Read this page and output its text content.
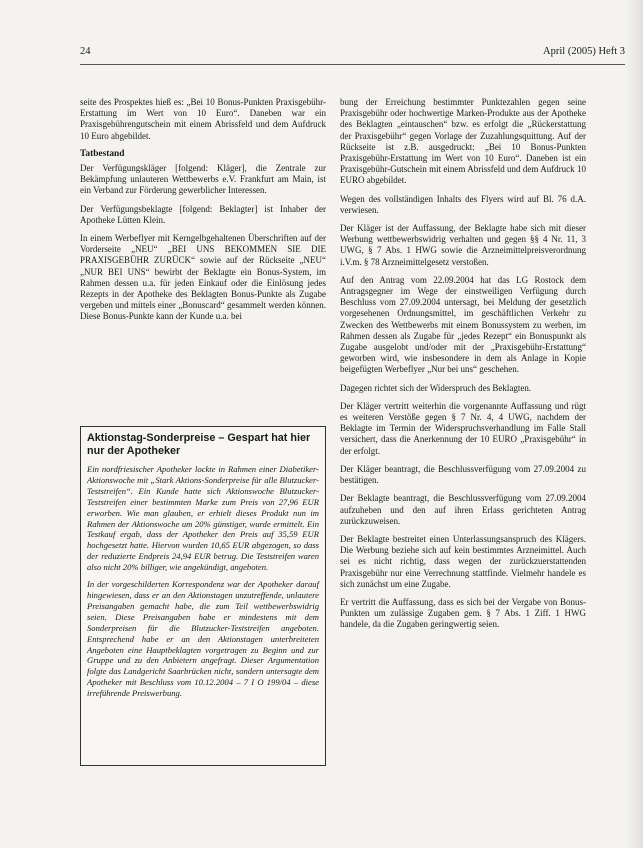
24	April (2005) Heft 3

seite des Prospektes hieß es: „Bei 10 Bonus-Punkten Praxisgebühr-Erstattung im Wert von 10 Euro“. Daneben war ein Praxisgebührengutschein mit einem Abrissfeld und dem Aufdruck 10 Euro abgebildet.

Tatbestand

Der Verfügungskläger [folgend: Kläger], die Zentrale zur Bekämpfung unlauteren Wettbewerbs e.V. Frankfurt am Main, ist ein Verband zur Förderung gewerblicher Interessen.

Der Verfügungsbeklagte [folgend: Beklagter] ist Inhaber der Apotheke Lütten Klein.

In einem Werbeflyer mit Kerngelbgehaltenen Überschriften auf der Vorderseite „NEU“ „BEI UNS BEKOMMEN SIE DIE PRAXISGEBÜHR ZURÜCK“ sowie auf der Rückseite „NEU“ „NUR BEI UNS“ bewirbt der Beklagte ein Bonus-System, im Rahmen dessen u.a. für jeden Einkauf oder die Einlösung jedes Rezepts in der Apotheke des Beklagten Bonus-Punkte als Zugabe vergeben und mittels einer „Bonuscard“ gesammelt werden können. Diese Bonus-Punkte kann der Kunde u.a. bei

Aktionstag-Sonderpreise – Gespart hat hier nur der Apotheker

Ein nordfriesischer Apotheker lockte in Rahmen einer Diabetiker-Aktionswoche mit „Stark Aktions-Sonderpreise für alle Blutzucker-Teststreifen“. Ein Kunde hatte sich Aktionswoche Blutzucker-Teststreifen einer bestimmten Marke zum Preis von 27,96 EUR erworben. Wie man glauben, er erhielt dieses Produkt nun im Rahmen der Aktionswoche um 20% günstiger, wurde ermittelt. Ein Testkauf ergab, dass der Apotheker den Preis auf 35,59 EUR hochgesetzt hatte. Hiervon wurden 10,65 EUR abgezogen, so dass der reduzierte Endpreis 24,94 EUR betrug. Die Teststreifen waren also nicht 20% billiger, wie angekündigt, angeboten.

In der vorgeschilderten Korrespondenz war der Apotheker darauf hingewiesen, dass er an den Aktionstagen unzutreffende, unlautere Preisangaben gemacht habe, die zum Teil wettbewerbswidrig seien. Diese Preisangaben habe er mindestens mit dem Sonderpreisen für die Blutzucker-Teststreifen angeboten. Entsprechend habe er an den Aktionstagen unterbreiteten Angeboten eine Hauptbeklagten vorgetragen zu Beginn und zur Gruppe und zu den Anbietern angefragt. Dieser Argumentation folgte das Landgericht Saarbrücken nicht, sondern untersagte dem Apotheker mit Beschluss vom 10.12.2004 – 7 I O 199/04 – diese irreführende Preiswerbung.

bung der Erreichung bestimmter Punktezahlen gegen seine Praxisgebühr oder hochwertige Marken-Produkte aus der Apotheke des Beklagten „eintauschen“ bzw. es erfolgt die „Rückerstattung der Praxisgebühr“ gegen Vorlage der Zuzahlungsquittung. Auf der Rückseite ist z.B. ausgedruckt: „Bei 10 Bonus-Punkten Praxisgebühr-Erstattung im Wert von 10 Euro“. Daneben ist ein Praxisgebühr-Gutschein mit einem Abrissfeld und dem Aufdruck 10 EURO abgebildet.

Wegen des vollständigen Inhalts des Flyers wird auf Bl. 76 d.A. verwiesen.

Der Kläger ist der Auffassung, der Beklagte habe sich mit dieser Werbung wettbewerbswidrig verhalten und gegen §§ 4 Nr. 11, 3 UWG, § 7 Abs. 1 HWG sowie die Arzneimittelpreisverordnung i.V.m. § 78 Arzneimittelgesetz verstoßen.

Auf den Antrag vom 22.09.2004 hat das LG Rostock dem Antragsgegner im Wege der einstweiligen Verfügung durch Beschluss vom 27.09.2004 untersagt, bei Meldung der gesetzlich vorgesehenen Ordnungsmittel, im geschäftlichen Verkehr zu Zwecken des Wettbewerbs mit einem Bonussystem zu werben, im Rahmen dessen als Zugabe für „jedes Rezept“ ein Bonuspunkt als Zugabe ausgelobt und/oder mit der „Praxisgebühr-Erstattung“ geworben wird, wie insbesondere in dem als Anlage in Kopie beigefügten Werbeflyer „Nur bei uns“ geschehen.

Dagegen richtet sich der Widerspruch des Beklagten.

Der Kläger vertritt weiterhin die vorgenannte Auffassung und rügt es weiteren Verstöße gegen § 7 Nr. 4, 4 UWG, nachdem der Beklagte im Termin der Widerspruchsverhandlung im Falle Stall versichert, dass die Anerkennung der 10 EURO „Praxisgebühr“ in der erfolgt.

Der Kläger beantragt, die Beschlussverfügung vom 27.09.2004 zu bestätigen.

Der Beklagte beantragt, die Beschlussverfügung vom 27.09.2004 aufzuheben und den auf ihren Erlass gerichteten Antrag zurückzuweisen.

Der Beklagte bestreitet einen Unterlassungsanspruch des Klägers. Die Werbung beziehe sich auf kein bestimmtes Arzneimittel. Auch sei es nicht richtig, dass wegen der zurückzuerstattenden Praxisgebühr nur eine Verrechnung stattfinde. Vielmehr handele es sich zunächst um eine Zugabe.

Er vertritt die Auffassung, dass es sich bei der Vergabe von Bonus-Punkten um zulässige Zugaben gem. § 7 Abs. 1 Ziff. 1 HWG handele, da die Zugaben geringwertig seien.
